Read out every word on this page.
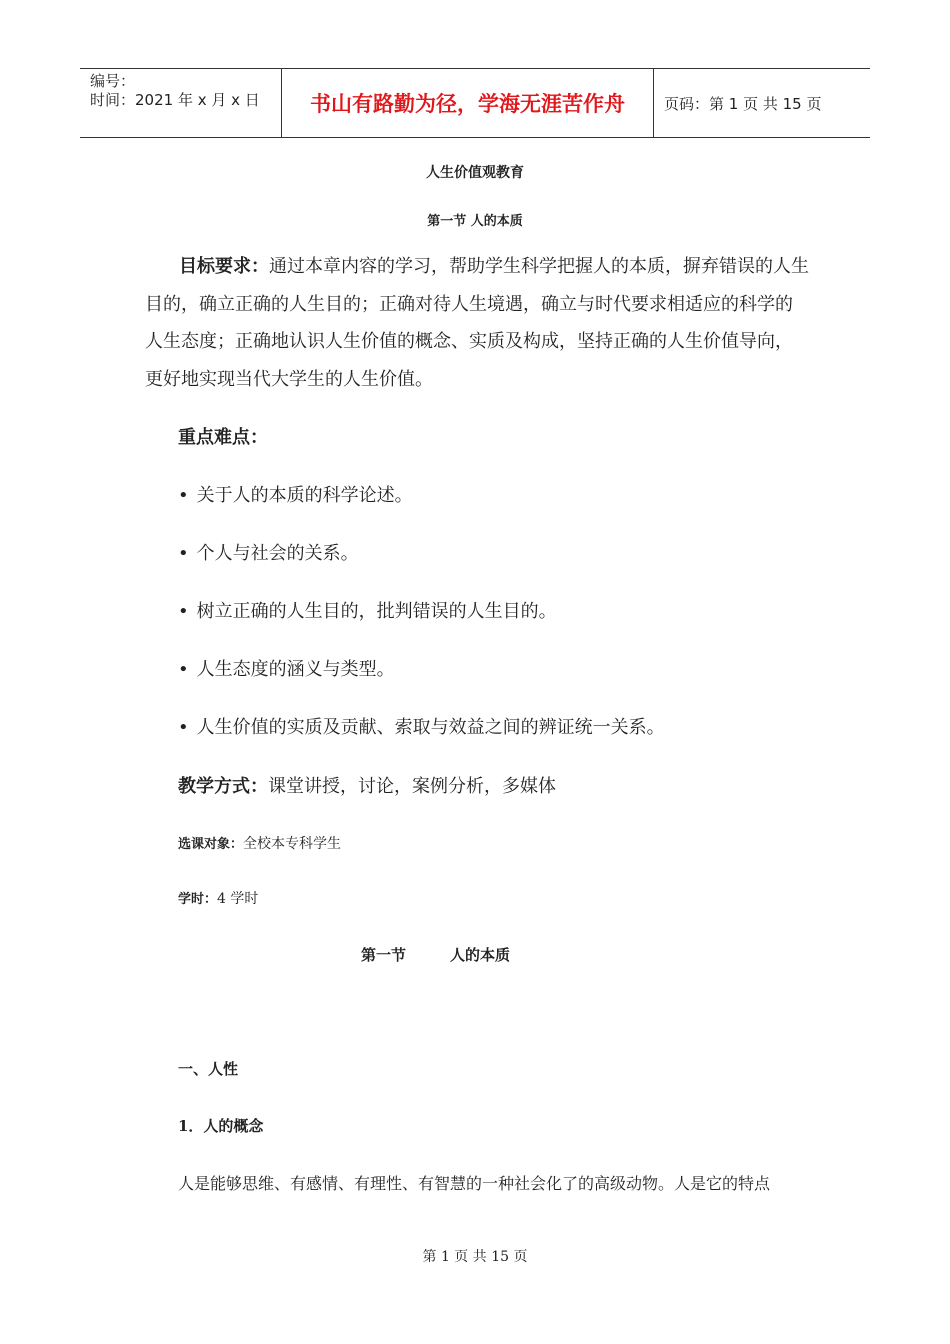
编号：
时间：2021 年 x 月 x 日	书山有路勤为径，学海无涯苦作舟	页码：第 1 页 共 15 页
人生价值观教育
第一节 人的本质
目标要求：通过本章内容的学习，帮助学生科学把握人的本质，摒弃错误的人生目的，确立正确的人生目的；正确对待人生境遇，确立与时代要求相适应的科学的人生态度；正确地认识人生价值的概念、实质及构成，坚持正确的人生价值导向，更好地实现当代大学生的人生价值。
重点难点：
• 关于人的本质的科学论述。
• 个人与社会的关系。
• 树立正确的人生目的，批判错误的人生目的。
• 人生态度的涵义与类型。
• 人生价值的实质及贡献、索取与效益之间的辨证统一关系。
教学方式：课堂讲授，讨论，案例分析，多媒体
选课对象：全校本专科学生
学时：4 学时
第一节	人的本质
一、人性
1．人的概念
人是能够思维、有感情、有理性、有智慧的一种社会化了的高级动物。人是它的特点
第 1 页 共 15 页
